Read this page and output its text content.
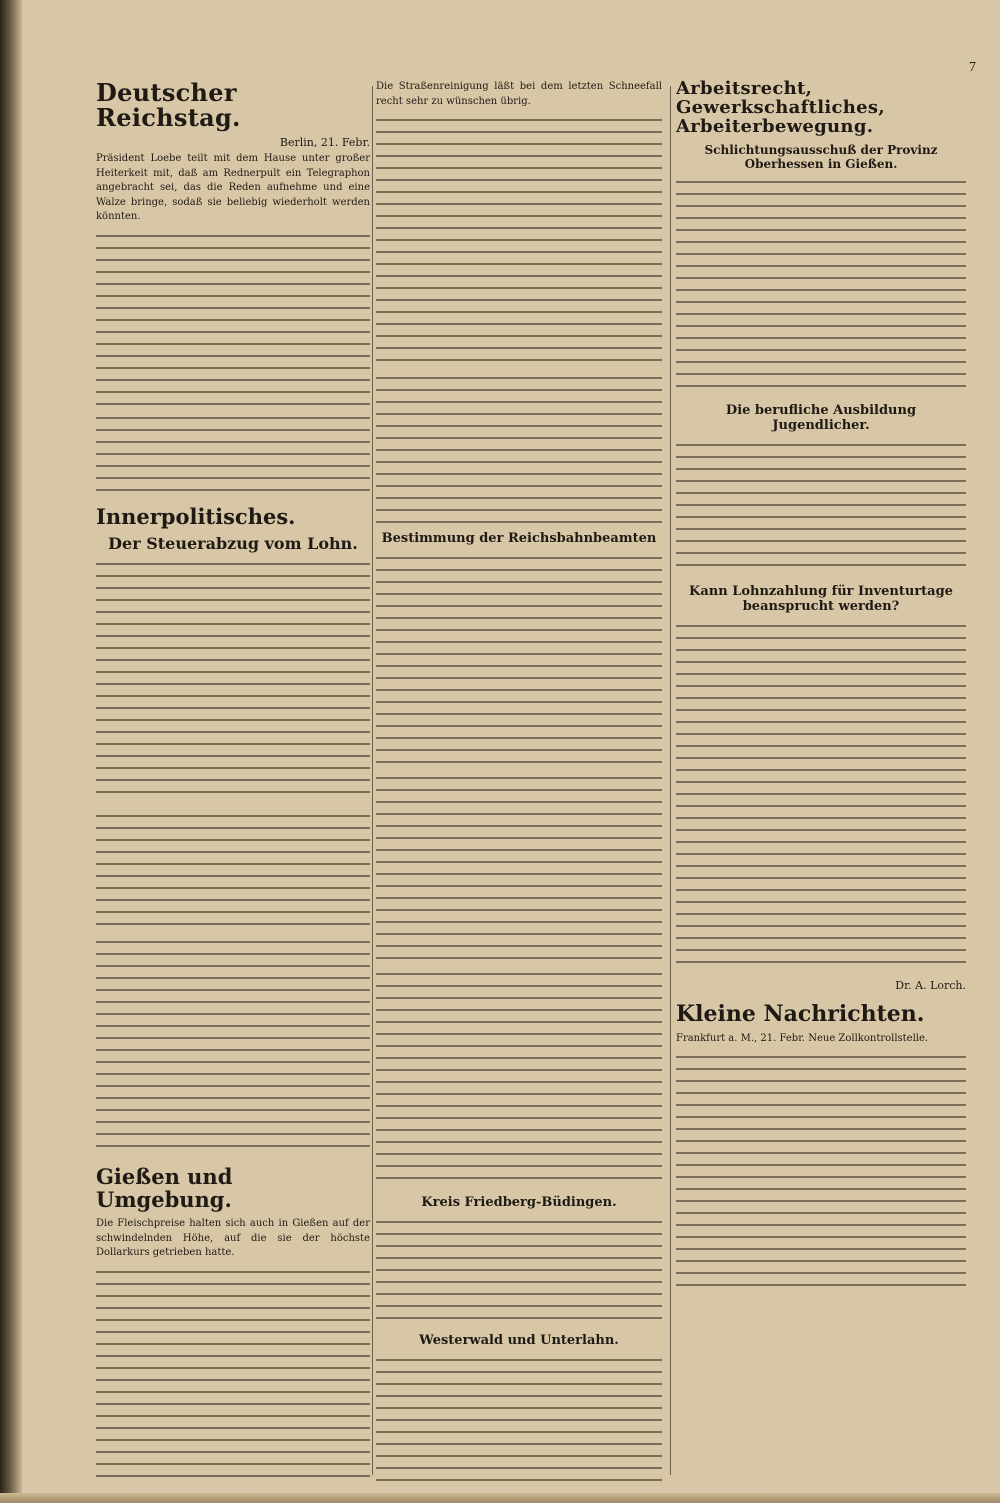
7
Deutscher Reichstag.
Berlin, 21. Febr.

Präsident Loebe teilt mit dem Hause unter großer Heiterkeit mit, daß am Rednerpult ein Telegraphon angebracht sei, das die Reden aufnehme und eine Walze bringe, sodaß sie beliebig wiederholt werden könnten.

Innerpolitisches.
Der Steuerabzug vom Lohn.
Gießen und Umgebung.

Die Fleischpreise halten sich auch in Gießen auf der schwindelnden Höhe, auf die sie der höchste Dollarkurs getrieben hatte.

Die Straßenreinigung läßt bei dem letzten Schneefall recht sehr zu wünschen übrig.

Bestimmung der Reichsbahnbeamten
Kreis Friedberg-Büdingen.
Westerwald und Unterlahn.
Arbeitsrecht, Gewerkschaftliches, Arbeiterbewegung.
Schlichtungsausschuß der Provinz Oberhessen in Gießen.
Die berufliche Ausbildung Jugendlicher.
Kann Lohnzahlung für Inventurtage beansprucht werden?
Dr. A. Lorch.
Kleine Nachrichten.

Frankfurt a. M., 21. Febr. Neue Zollkontrollstelle.
